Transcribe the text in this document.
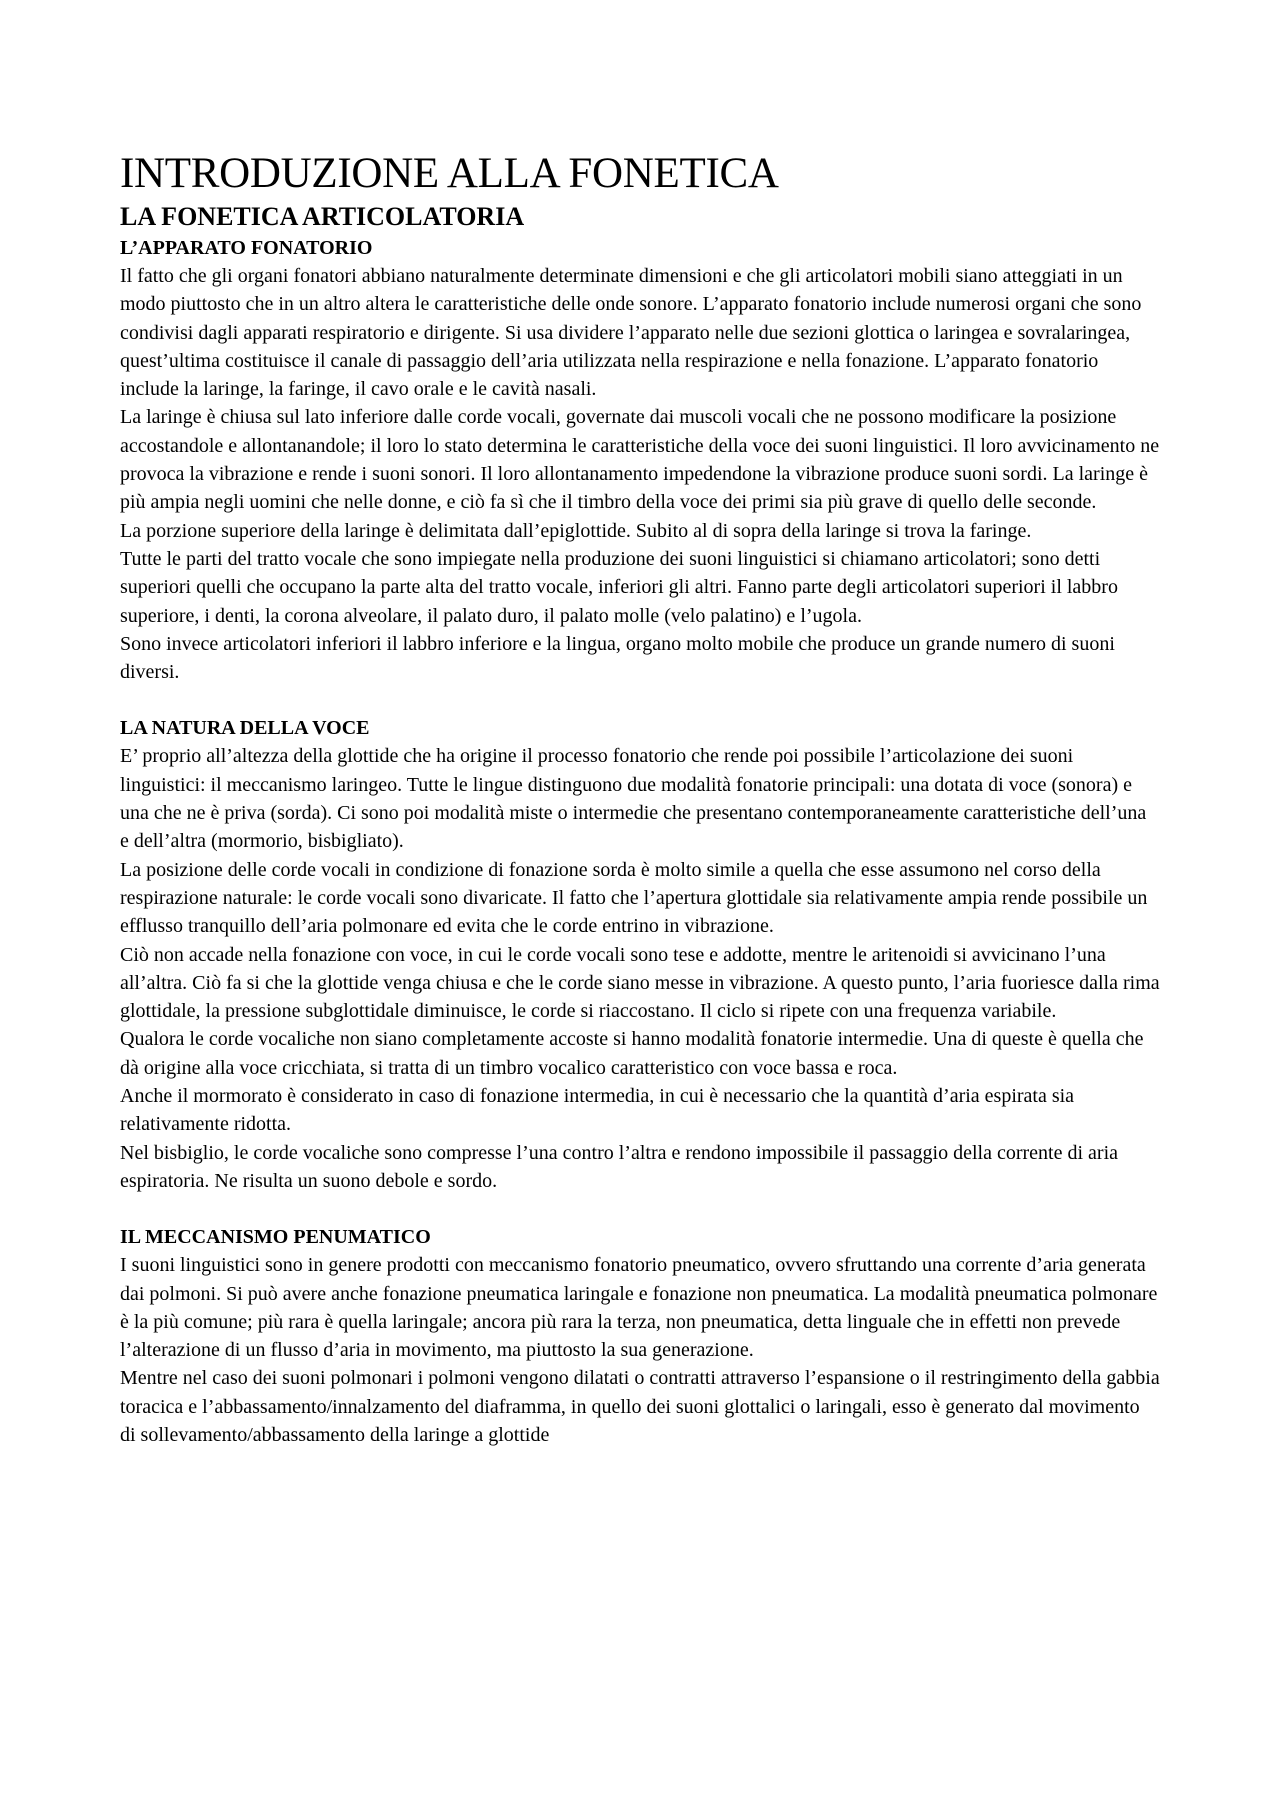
INTRODUZIONE ALLA FONETICA
LA FONETICA ARTICOLATORIA
L’APPARATO FONATORIO

Il fatto che gli organi fonatori abbiano naturalmente determinate dimensioni e che gli articolatori mobili siano atteggiati in un modo piuttosto che in un altro altera le caratteristiche delle onde sonore. L’apparato fonatorio include numerosi organi che sono condivisi dagli apparati respiratorio e dirigente. Si usa dividere l’apparato nelle due sezioni glottica o laringea e sovralaringea, quest’ultima costituisce il canale di passaggio dell’aria utilizzata nella respirazione e nella fonazione. L’apparato fonatorio include la laringe, la faringe, il cavo orale e le cavità nasali.

La laringe è chiusa sul lato inferiore dalle corde vocali, governate dai muscoli vocali che ne possono modificare la posizione accostandole e allontanandole; il loro lo stato determina le caratteristiche della voce dei suoni linguistici. Il loro avvicinamento ne provoca la vibrazione e rende i suoni sonori. Il loro allontanamento impedendone la vibrazione produce suoni sordi. La laringe è più ampia negli uomini che nelle donne, e ciò fa sì che il timbro della voce dei primi sia più grave di quello delle seconde.

La porzione superiore della laringe è delimitata dall’epiglottide. Subito al di sopra della laringe si trova la faringe.

Tutte le parti del tratto vocale che sono impiegate nella produzione dei suoni linguistici si chiamano articolatori; sono detti superiori quelli che occupano la parte alta del tratto vocale, inferiori gli altri. Fanno parte degli articolatori superiori il labbro superiore, i denti, la corona alveolare, il palato duro, il palato molle (velo palatino) e l’ugola.

Sono invece articolatori inferiori il labbro inferiore e la lingua, organo molto mobile che produce un grande numero di suoni diversi.

LA NATURA DELLA VOCE

E’ proprio all’altezza della glottide che ha origine il processo fonatorio che rende poi possibile l’articolazione dei suoni linguistici: il meccanismo laringeo. Tutte le lingue distinguono due modalità fonatorie principali: una dotata di voce (sonora) e una che ne è priva (sorda). Ci sono poi modalità miste o intermedie che presentano contemporaneamente caratteristiche dell’una e dell’altra (mormorio, bisbigliato).

La posizione delle corde vocali in condizione di fonazione sorda è molto simile a quella che esse assumono nel corso della respirazione naturale: le corde vocali sono divaricate. Il fatto che l’apertura glottidale sia relativamente ampia rende possibile un efflusso tranquillo dell’aria polmonare ed evita che le corde entrino in vibrazione.

Ciò non accade nella fonazione con voce, in cui le corde vocali sono tese e addotte, mentre le aritenoidi si avvicinano l’una all’altra. Ciò fa si che la glottide venga chiusa e che le corde siano messe in vibrazione. A questo punto, l’aria fuoriesce dalla rima glottidale, la pressione subglottidale diminuisce, le corde si riaccostano. Il ciclo si ripete con una frequenza variabile.

Qualora le corde vocaliche non siano completamente accoste si hanno modalità fonatorie intermedie. Una di queste è quella che dà origine alla voce cricchiata, si tratta di un timbro vocalico caratteristico con voce bassa e roca.

Anche il mormorato è considerato in caso di fonazione intermedia, in cui è necessario che la quantità d’aria espirata sia relativamente ridotta.

Nel bisbiglio, le corde vocaliche sono compresse l’una contro l’altra e rendono impossibile il passaggio della corrente di aria espiratoria. Ne risulta un suono debole e sordo.

IL MECCANISMO PENUMATICO

I suoni linguistici sono in genere prodotti con meccanismo fonatorio pneumatico, ovvero sfruttando una corrente d’aria generata dai polmoni. Si può avere anche fonazione pneumatica laringale e fonazione non pneumatica. La modalità pneumatica polmonare è la più comune; più rara è quella laringale; ancora più rara la terza, non pneumatica, detta linguale che in effetti non prevede l’alterazione di un flusso d’aria in movimento, ma piuttosto la sua generazione.

Mentre nel caso dei suoni polmonari i polmoni vengono dilatati o contratti attraverso l’espansione o il restringimento della gabbia toracica e l’abbassamento/innalzamento del diaframma, in quello dei suoni glottalici o laringali, esso è generato dal movimento di sollevamento/abbassamento della laringe a glottide
